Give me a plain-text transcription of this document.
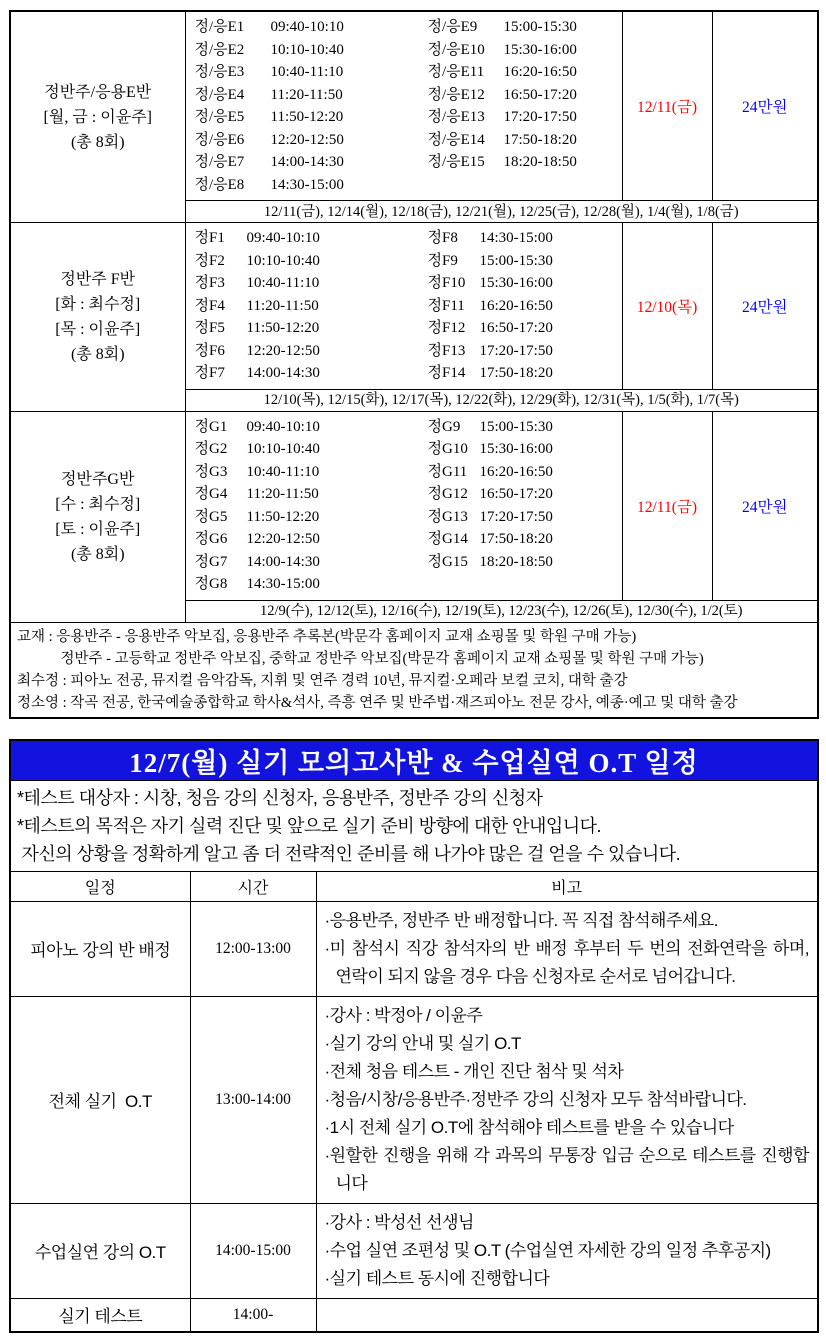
정반주/응용E반
[월, 금 : 이윤주]
(총 8회)

정/응E1 09:40-10:10
정/응E2 10:10-10:40
정/응E3 10:40-11:10
정/응E4 11:20-11:50
정/응E5 11:50-12:20
정/응E6 12:20-12:50
정/응E7 14:00-14:30
정/응E8 14:30-15:00
정/응E9 15:00-15:30
정/응E10 15:30-16:00
정/응E11 16:20-16:50
정/응E12 16:50-17:20
정/응E13 17:20-17:50
정/응E14 17:50-18:20
정/응E15 18:20-18:50
	12/11(금)	24만원
	12/11(금), 12/14(월), 12/18(금), 12/21(월), 12/25(금), 12/28(월), 1/4(월), 1/8(금)		

정반주 F반
[화 : 최수정]
[목 : 이윤주]
(총 8회)

정F1 09:40-10:10
정F2 10:10-10:40
정F3 10:40-11:10
정F4 11:20-11:50
정F5 11:50-12:20
정F6 12:20-12:50
정F7 14:00-14:30
정F8 14:30-15:00
정F9 15:00-15:30
정F10 15:30-16:00
정F11 16:20-16:50
정F12 16:50-17:20
정F13 17:20-17:50
정F14 17:50-18:20
	12/10(목)	24만원
	12/10(목), 12/15(화), 12/17(목), 12/22(화), 12/29(화), 12/31(목), 1/5(화), 1/7(목)		

정반주G반
[수 : 최수정]
[토 : 이윤주]
(총 8회)

정G1 09:40-10:10
정G2 10:10-10:40
정G3 10:40-11:10
정G4 11:20-11:50
정G5 11:50-12:20
정G6 12:20-12:50
정G7 14:00-14:30
정G8 14:30-15:00
정G9 15:00-15:30
정G10 15:30-16:00
정G11 16:20-16:50
정G12 16:50-17:20
정G13 17:20-17:50
정G14 17:50-18:20
정G15 18:20-18:50
	12/11(금)	24만원
	12/9(수), 12/12(토), 12/16(수), 12/19(토), 12/23(수), 12/26(토), 12/30(수), 1/2(토)		

교재 : 응용반주 - 응용반주 악보집, 응용반주 추록본(박문각 홈페이지 교재 쇼핑몰 및 학원 구매 가능)
정반주 - 고등학교 정반주 악보집, 중학교 정반주 악보집(박문각 홈페이지 교재 쇼핑몰 및 학원 구매 가능)
최수정 : 피아노 전공, 뮤지컬 음악감독, 지휘 및 연주 경력 10년, 뮤지컬·오페라 보컬 코치, 대학 출강
정소영 : 작곡 전공, 한국예술종합학교 학사&석사, 즉흥 연주 및 반주법·재즈피아노 전문 강사, 예종·예고 및 대학 출강			
12/7(월) 실기 모의고사반 & 수업실연 O.T 일정		

*테스트 대상자 : 시창, 청음 강의 신청자, 응용반주, 정반주 강의 신청자
*테스트의 목적은 자기 실력 진단 및 앞으로 실기 준비 방향에 대한 안내입니다.
자신의 상황을 정확하게 알고 좀 더 전략적인 준비를 해 나가야 많은 걸 얻을 수 있습니다.		

일정	시간	비고
피아노 강의 반 배정	12:00-13:00	·응용반주, 정반주 반 배정합니다. 꼭 직접 참석해주세요.
·미 참석시 직강 참석자의 반 배정 후부터 두 번의 전화연락을 하며, 연락이 되지 않을 경우 다음 신청자로 순서로 넘어갑니다.

전체 실기  O.T	13:00-14:00	
·강사 : 박정아 / 이윤주
·실기 강의 안내 및 실기 O.T
·전체 청음 테스트 - 개인 진단 첨삭 및 석차
·청음/시창/응용반주·정반주 강의 신청자 모두 참석바랍니다.
·1시 전체 실기 O.T에 참석해야 테스트를 받을 수 있습니다
·원할한 진행을 위해 각 과목의 무통장 입금 순으로 테스트를 진행합니다

수업실연 강의 O.T	14:00-15:00	·강사 : 박성선 선생님
·수업 실연 조편성 및 O.T (수업실연 자세한 강의 일정 추후공지)
·실기 테스트 동시에 진행합니다

실기 테스트	14:00-	
